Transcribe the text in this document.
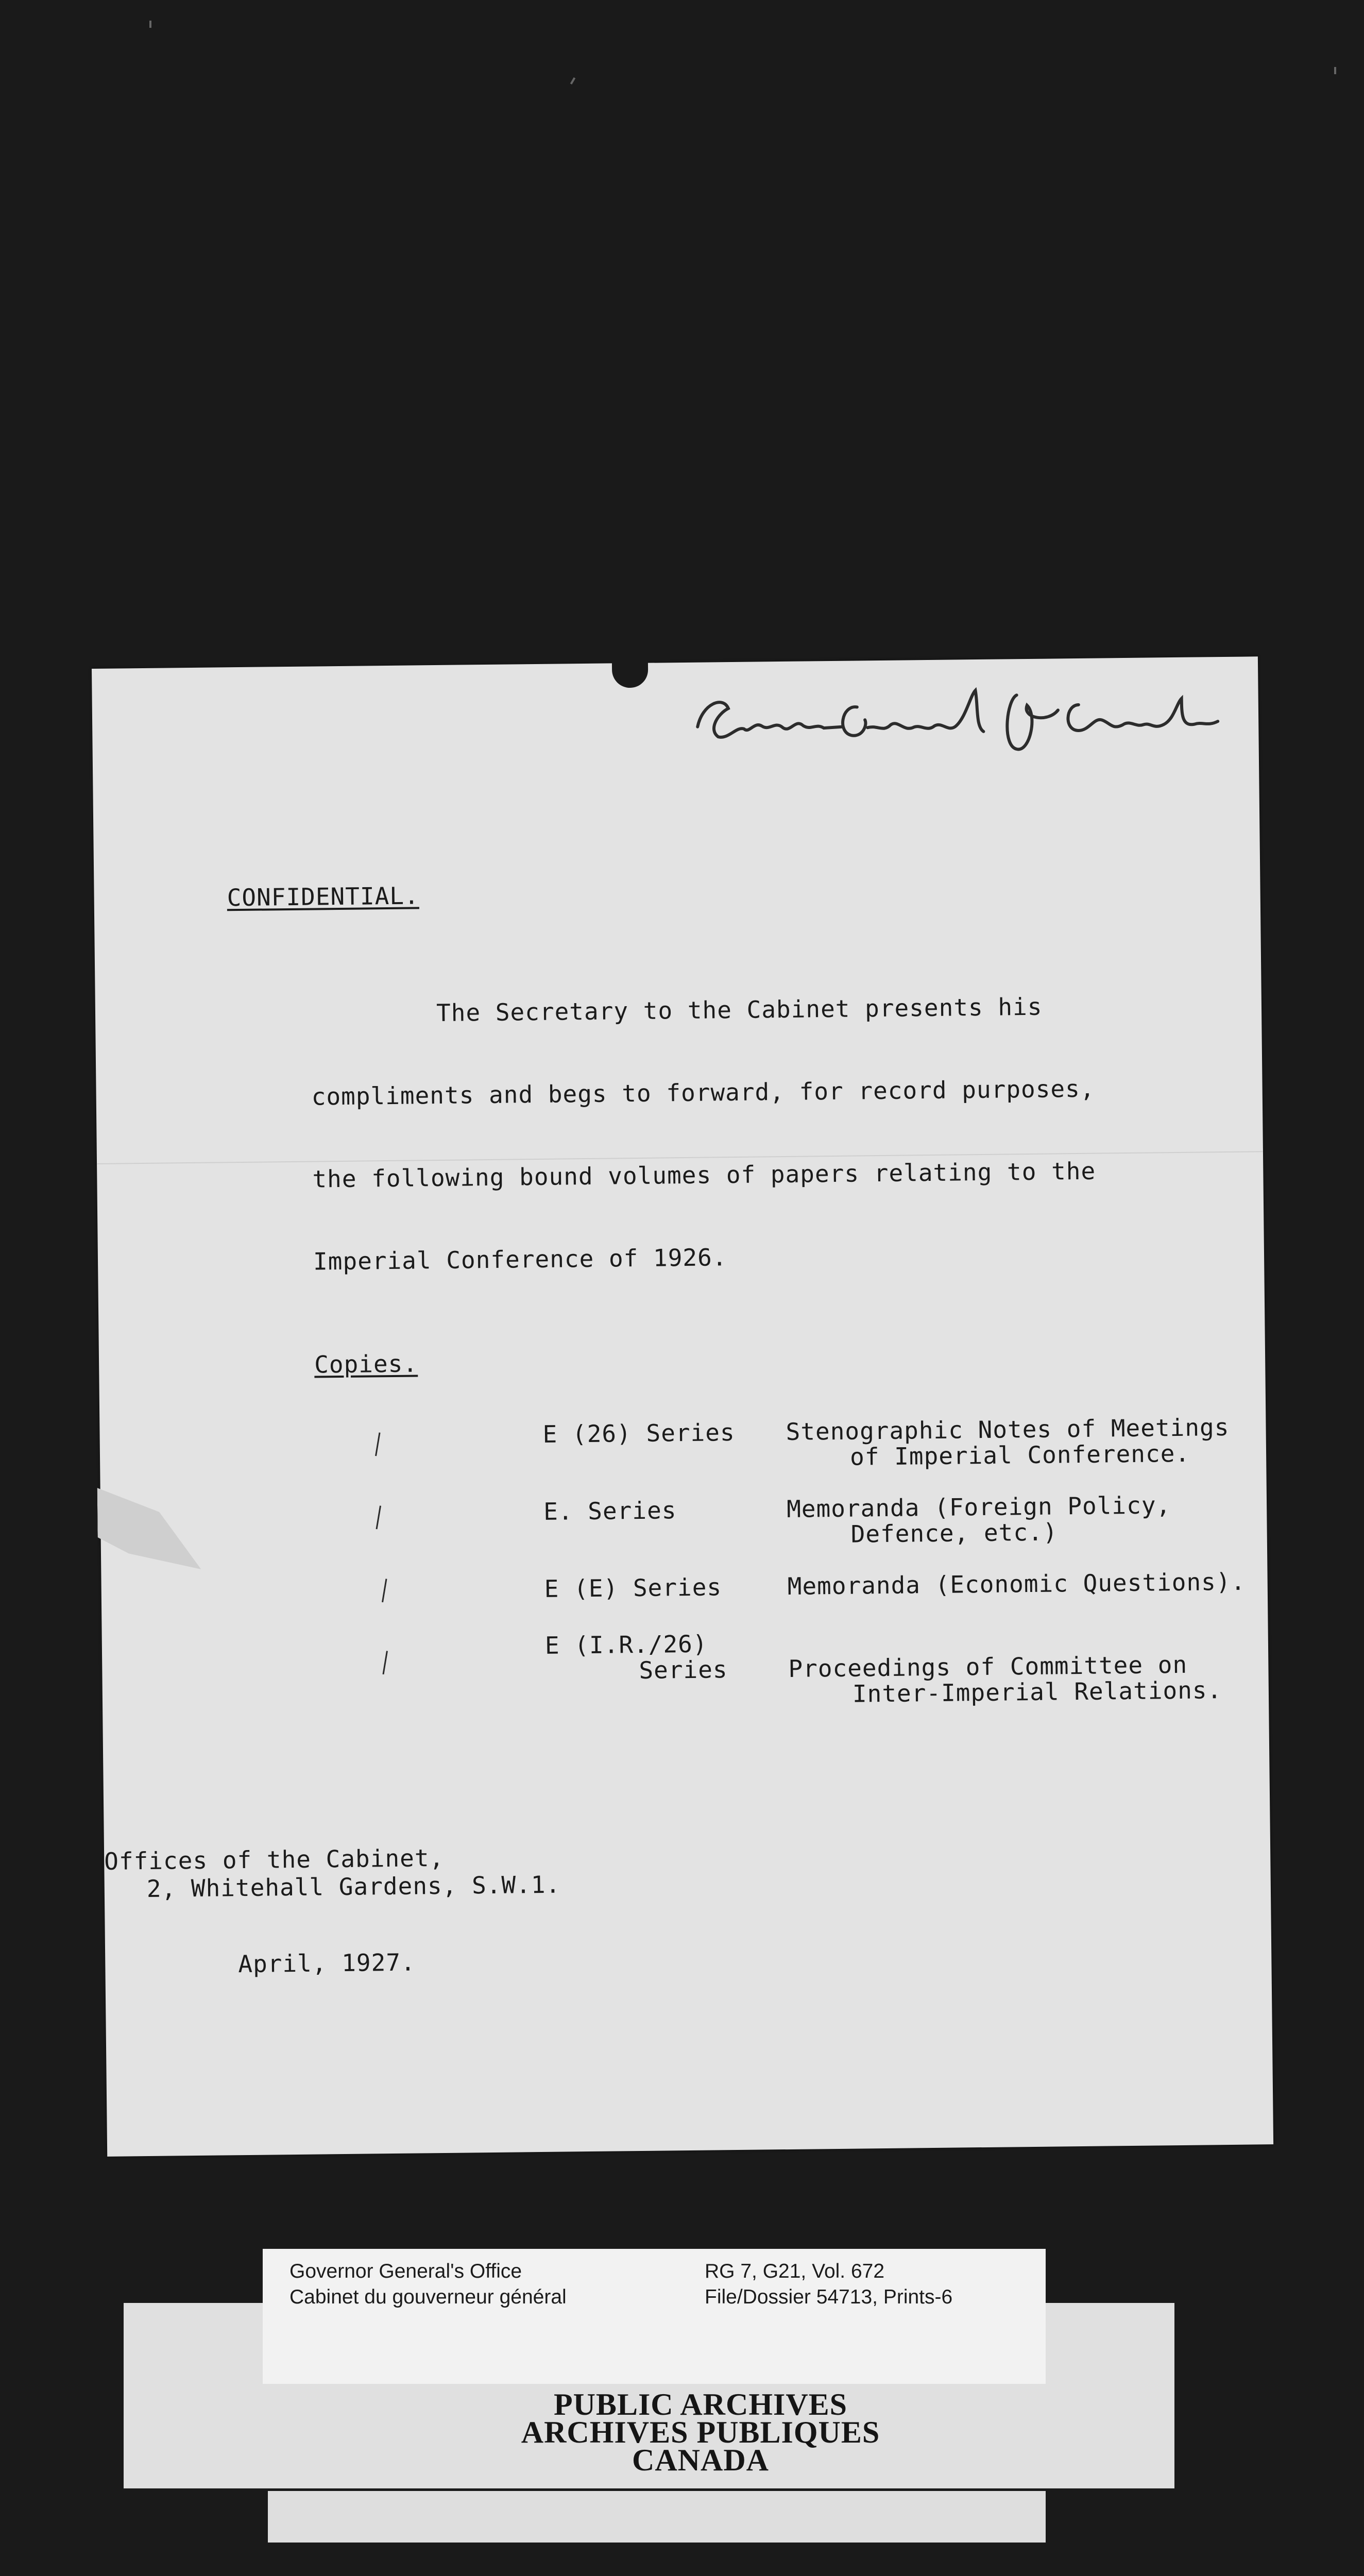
CONFIDENTIAL.
The Secretary to the Cabinet presents his
compliments and begs to forward, for record purposes,
the following bound volumes of papers relating to the
Imperial Conference of 1926.
Copies.
E (26) Series Stenographic Notes of Meetings
of Imperial Conference.
E. Series	Memoranda (Foreign Policy,
Defence, etc.)
E (E) Series	Memoranda (Economic Questions).
E (I.R./26)
Series	Proceedings of Committee on
Inter-Imperial Relations.
Offices of the Cabinet,
2, Whitehall Gardens, S.W.1.
April, 1927.
Governor General's Office
Cabinet du gouverneur général
RG 7, G21, Vol. 672
File/Dossier 54713, Prints-6
PUBLIC ARCHIVES
ARCHIVES PUBLIQUES
CANADA
